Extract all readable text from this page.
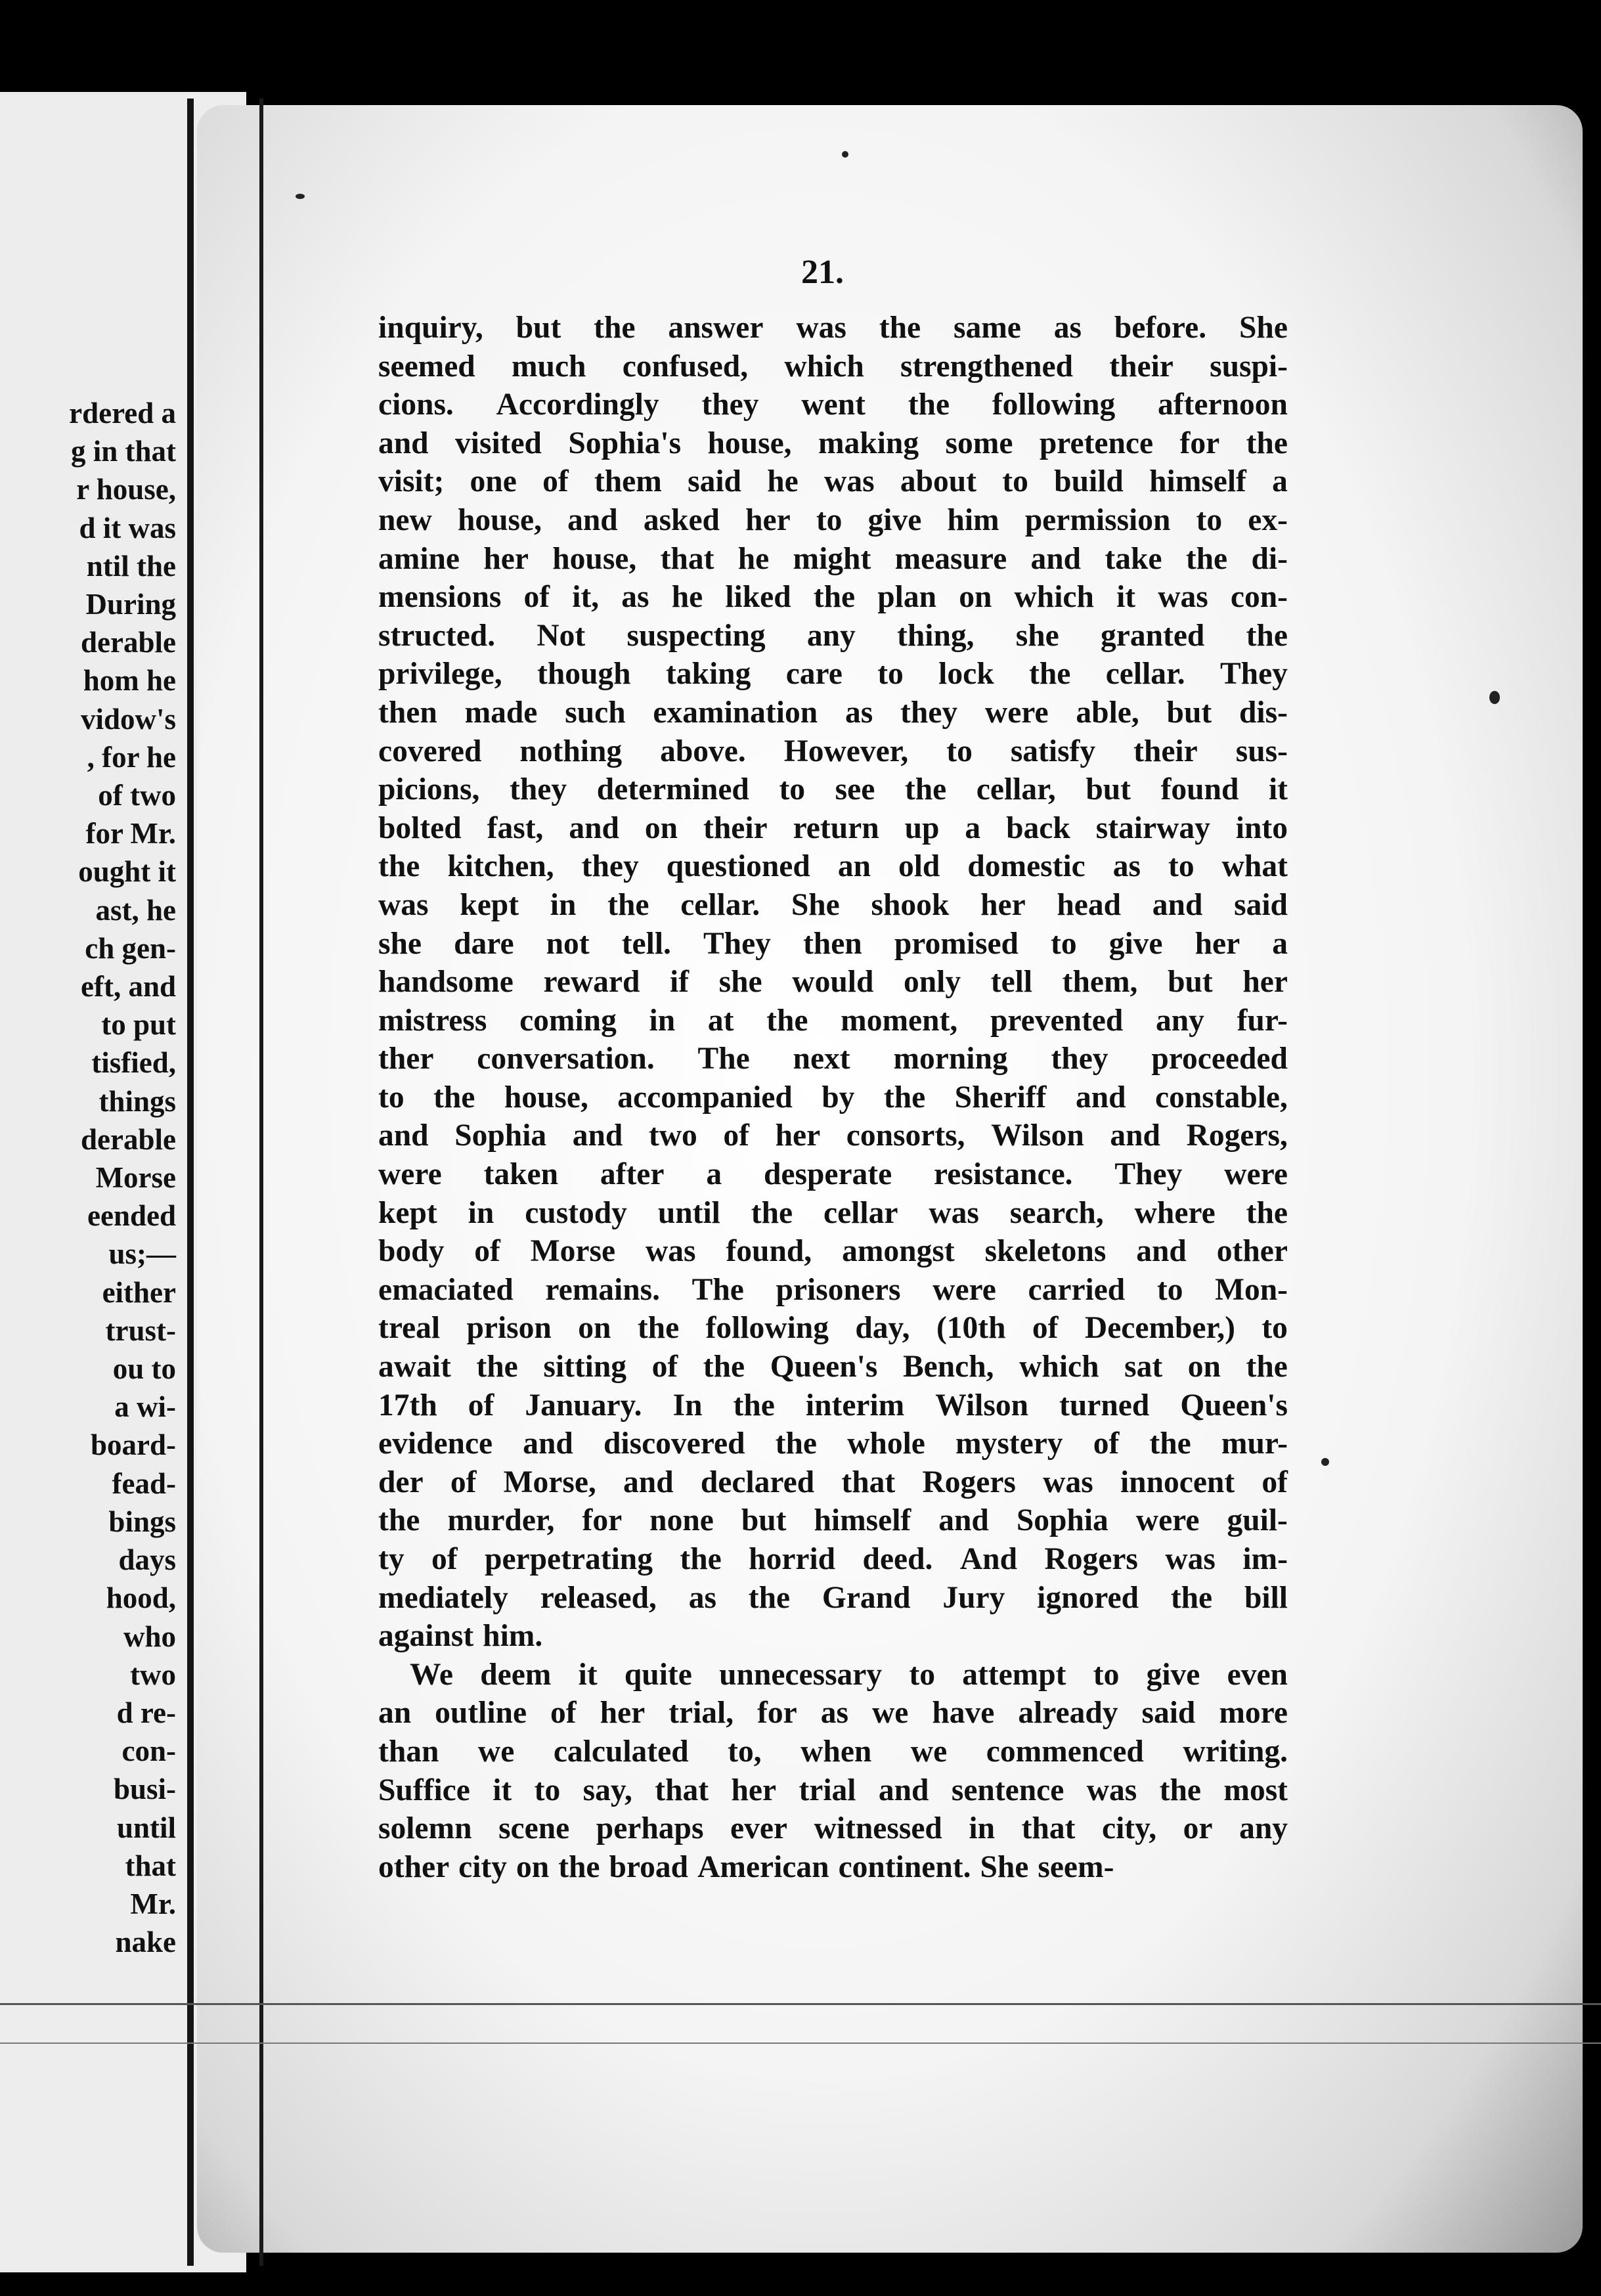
rdered a
g in that
r house,
d it was
ntil the
During
derable
hom he
vidow's
, for he
of two
for Mr.
ought it
ast, he
ch gen-
eft, and
to put
tisfied,
things
derable
Morse
eended
us;—
either
trust-
ou to
a wi-
board-
fead-
bings
days
hood,
who
two
d re-
con-
busi-
until
that
Mr.
nake
21.
inquiry, but the answer was the same as before. She
seemed much confused, which strengthened their suspi-
cions. Accordingly they went the following afternoon
and visited Sophia's house, making some pretence for the
visit; one of them said he was about to build himself a
new house, and asked her to give him permission to ex-
amine her house, that he might measure and take the di-
mensions of it, as he liked the plan on which it was con-
structed. Not suspecting any thing, she granted the
privilege, though taking care to lock the cellar. They
then made such examination as they were able, but dis-
covered nothing above. However, to satisfy their sus-
picions, they determined to see the cellar, but found it
bolted fast, and on their return up a back stairway into
the kitchen, they questioned an old domestic as to what
was kept in the cellar. She shook her head and said
she dare not tell. They then promised to give her a
handsome reward if she would only tell them, but her
mistress coming in at the moment, prevented any fur-
ther conversation. The next morning they proceeded
to the house, accompanied by the Sheriff and constable,
and Sophia and two of her consorts, Wilson and Rogers,
were taken after a desperate resistance. They were
kept in custody until the cellar was search, where the
body of Morse was found, amongst skeletons and other
emaciated remains. The prisoners were carried to Mon-
treal prison on the following day, (10th of December,) to
await the sitting of the Queen's Bench, which sat on the
17th of January. In the interim Wilson turned Queen's
evidence and discovered the whole mystery of the mur-
der of Morse, and declared that Rogers was innocent of
the murder, for none but himself and Sophia were guil-
ty of perpetrating the horrid deed. And Rogers was im-
mediately released, as the Grand Jury ignored the bill
against him.
We deem it quite unnecessary to attempt to give even
an outline of her trial, for as we have already said more
than we calculated to, when we commenced writing.
Suffice it to say, that her trial and sentence was the most
solemn scene perhaps ever witnessed in that city, or any
other city on the broad American continent. She seem-
